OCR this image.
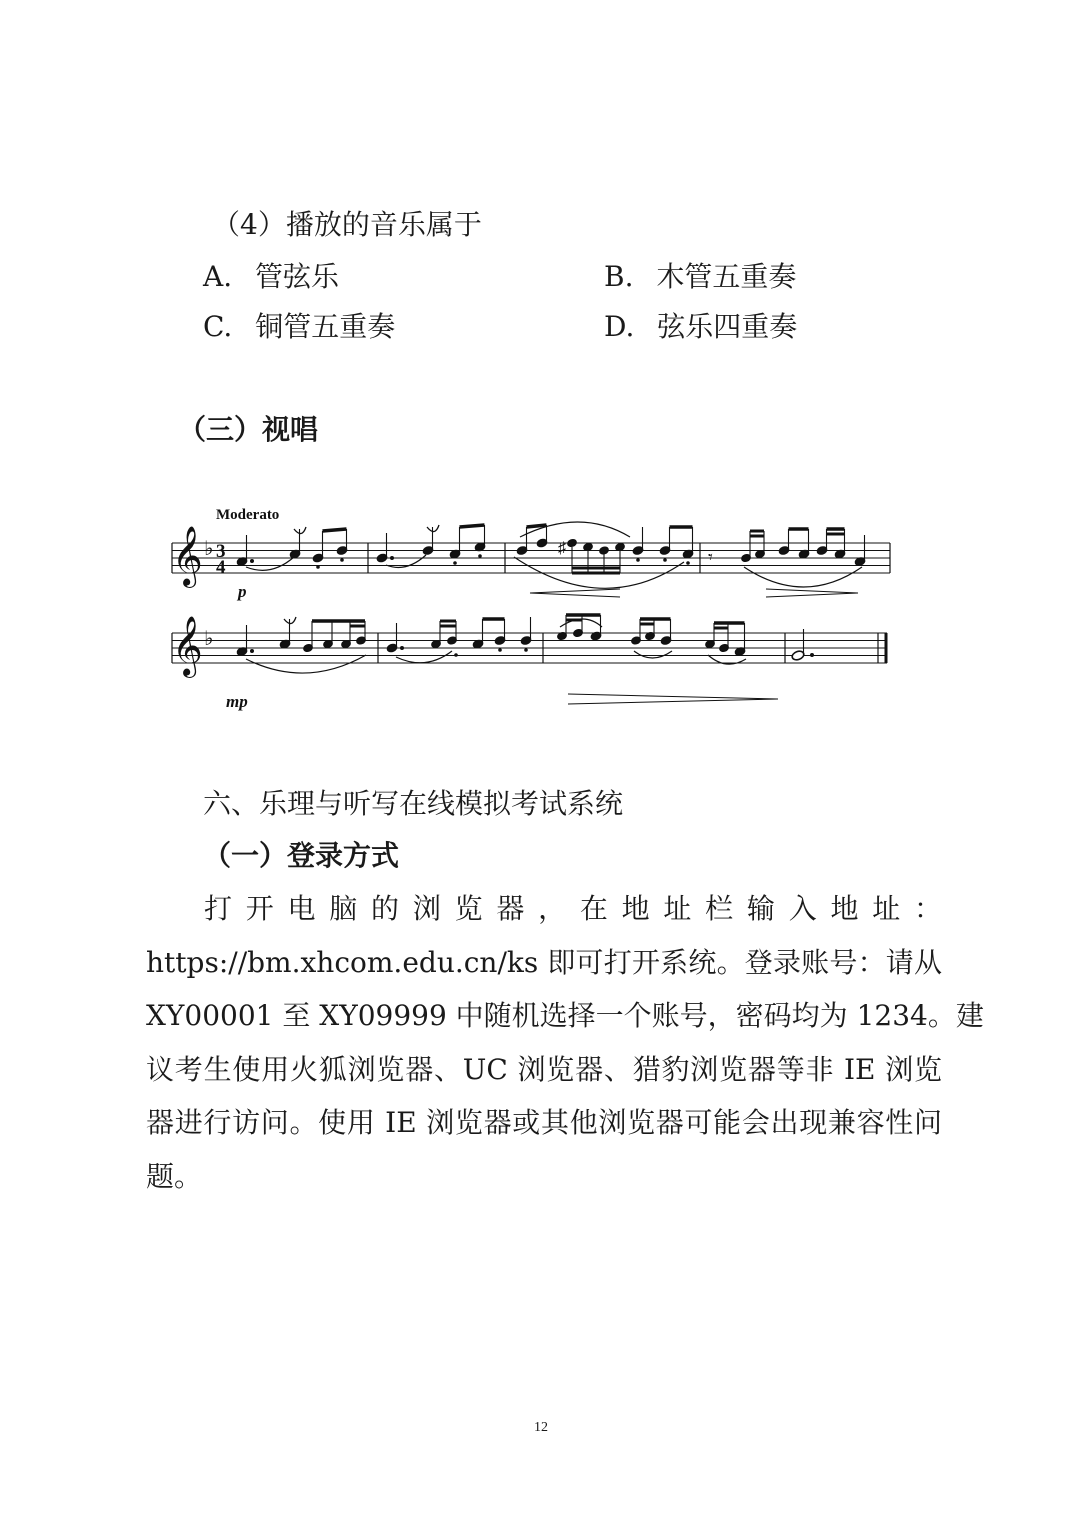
（4）播放的音乐属于
A. 管弦乐	B. 木管五重奏
C. 铜管五重奏	D. 弦乐四重奏
（三）视唱
𝄞
𝄞
♭
♭
3
4
Moderato
p
mp
♯	𝄾
六、乐理与听写在线模拟考试系统
（一）登录方式
打开电脑的浏览器，在地址栏输入地址：
https://bm.xhcom.edu.cn/ks 即可打开系统。登录账号：请从
XY00001 至 XY09999 中随机选择一个账号，密码均为 1234。建
议考生使用火狐浏览器、UC 浏览器、猎豹浏览器等非 IE 浏览
器进行访问。使用 IE 浏览器或其他浏览器可能会出现兼容性问
题。
12
